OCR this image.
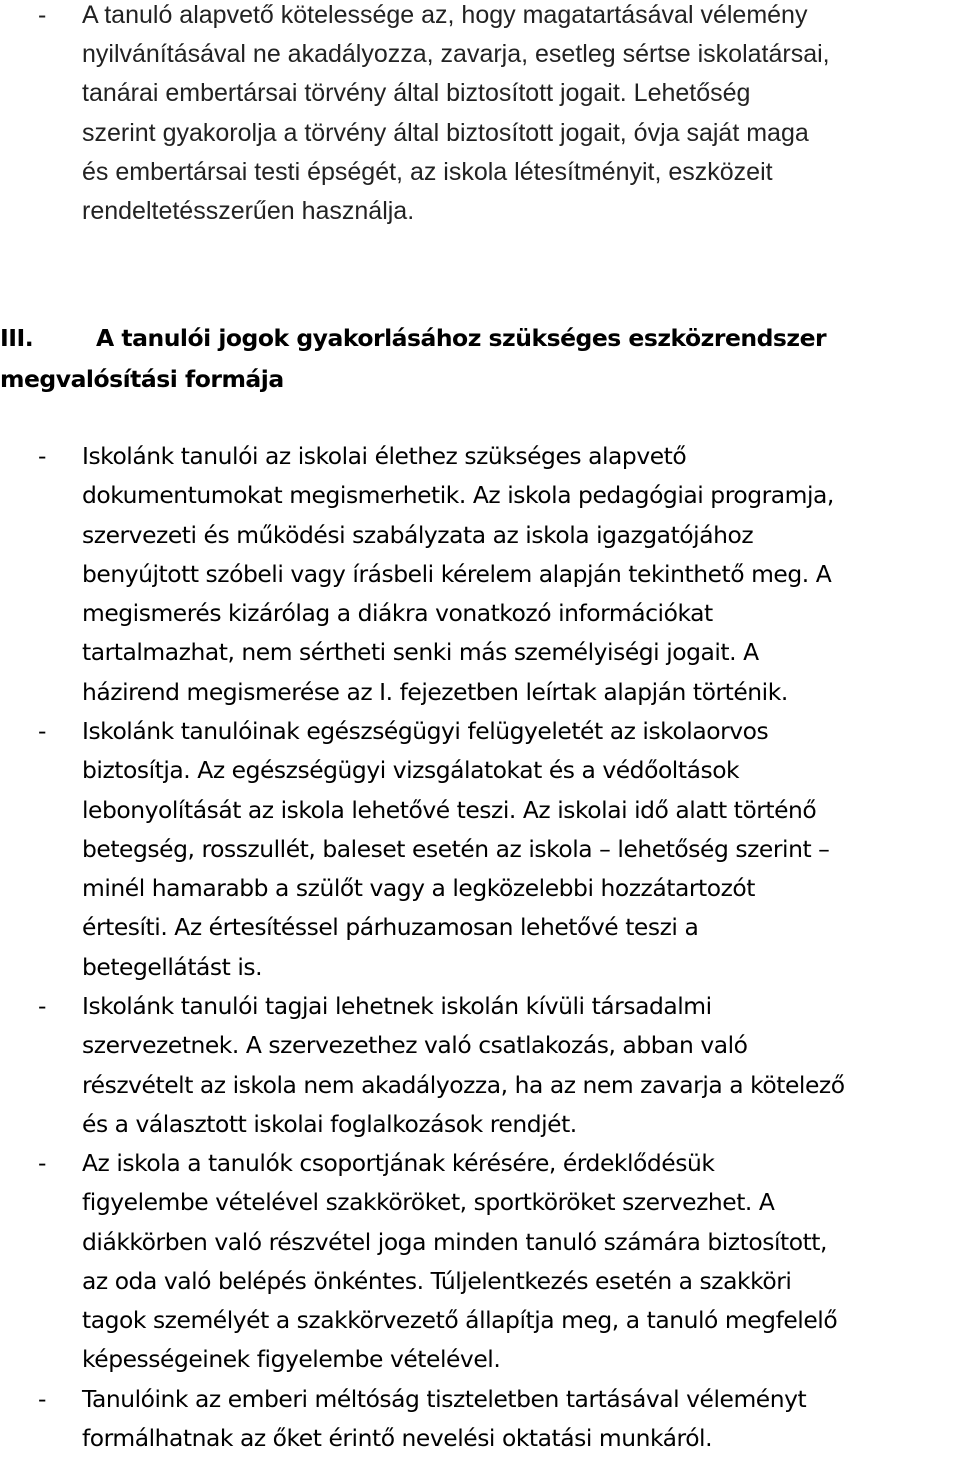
- A tanuló alapvető kötelessége az, hogy magatartásával vélemény
nyilvánításával ne akadályozza, zavarja, esetleg sértse iskolatársai,
tanárai embertársai törvény által biztosított jogait. Lehetőség
szerint gyakorolja a törvény által biztosított jogait, óvja saját maga
és embertársai testi épségét, az iskola létesítményit, eszközeit
rendeltetésszerűen használja.
III.	A tanulói jogok gyakorlásához szükséges eszközrendszer
megvalósítási formája
- Iskolánk tanulói az iskolai élethez szükséges alapvető
dokumentumokat megismerhetik. Az iskola pedagógiai programja,
szervezeti és működési szabályzata az iskola igazgatójához
benyújtott szóbeli vagy írásbeli kérelem alapján tekinthető meg. A
megismerés kizárólag a diákra vonatkozó információkat
tartalmazhat, nem sértheti senki más személyiségi jogait. A
házirend megismerése az I. fejezetben leírtak alapján történik.
- Iskolánk tanulóinak egészségügyi felügyeletét az iskolaorvos
biztosítja. Az egészségügyi vizsgálatokat és a védőoltások
lebonyolítását az iskola lehetővé teszi. Az iskolai idő alatt történő
betegség, rosszullét, baleset esetén az iskola – lehetőség szerint –
minél hamarabb a szülőt vagy a legközelebbi hozzátartozót
értesíti. Az értesítéssel párhuzamosan lehetővé teszi a
betegellátást is.
- Iskolánk tanulói tagjai lehetnek iskolán kívüli társadalmi
szervezetnek. A szervezethez való csatlakozás, abban való
részvételt az iskola nem akadályozza, ha az nem zavarja a kötelező
és a választott iskolai foglalkozások rendjét.
- Az iskola a tanulók csoportjának kérésére, érdeklődésük
figyelembe vételével szakköröket, sportköröket szervezhet. A
diákkörben való részvétel joga minden tanuló számára biztosított,
az oda való belépés önkéntes. Túljelentkezés esetén a szakköri
tagok személyét a szakkörvezető állapítja meg, a tanuló megfelelő
képességeinek figyelembe vételével.
- Tanulóink az emberi méltóság tiszteletben tartásával véleményt
formálhatnak az őket érintő nevelési oktatási munkáról.
